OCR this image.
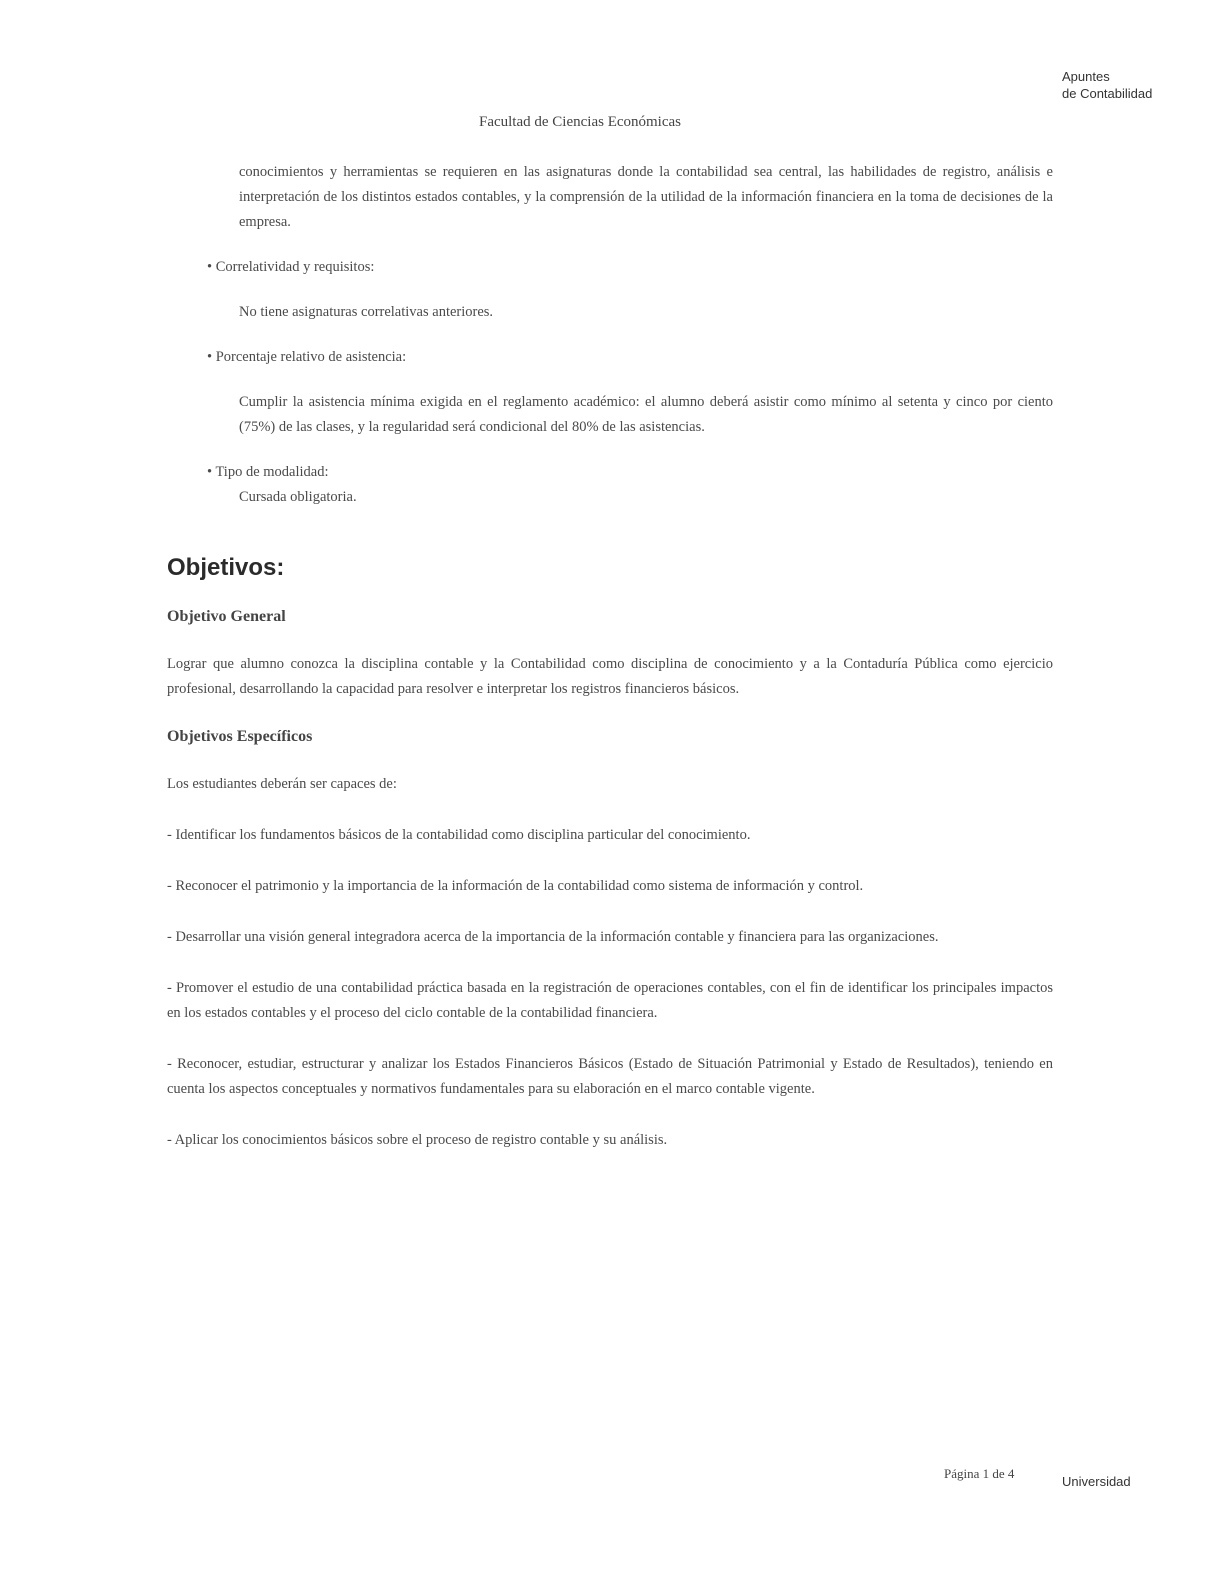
Apuntes
de Contabilidad
Facultad de Ciencias Económicas

conocimientos y herramientas se requieren en las asignaturas donde la contabilidad sea central, las habilidades de registro, análisis e interpretación de los distintos estados contables, y la comprensión de la utilidad de la información financiera en la toma de decisiones de la empresa.

• Correlatividad y requisitos:

No tiene asignaturas correlativas anteriores.

• Porcentaje relativo de asistencia:

Cumplir la asistencia mínima exigida en el reglamento académico: el alumno deberá asistir como mínimo al setenta y cinco por ciento (75%) de las clases, y la regularidad será condicional del 80% de las asistencias.

• Tipo de modalidad:

Cursada obligatoria.

Objetivos:
Objetivo General

Lograr que alumno conozca la disciplina contable y la Contabilidad como disciplina de conocimiento y a la Contaduría Pública como ejercicio profesional, desarrollando la capacidad para resolver e interpretar los registros financieros básicos.

Objetivos Específicos

Los estudiantes deberán ser capaces de:

- Identificar los fundamentos básicos de la contabilidad como disciplina particular del conocimiento.

- Reconocer el patrimonio y la importancia de la información de la contabilidad como sistema de información y control.

- Desarrollar una visión general integradora acerca de la importancia de la información contable y financiera para las organizaciones.

- Promover el estudio de una contabilidad práctica basada en la registración de operaciones contables, con el fin de identificar los principales impactos en los estados contables y el proceso del ciclo contable de la contabilidad financiera.

- Reconocer, estudiar, estructurar y analizar los Estados Financieros Básicos (Estado de Situación Patrimonial y Estado de Resultados), teniendo en cuenta los aspectos conceptuales y normativos fundamentales para su elaboración en el marco contable vigente.

- Aplicar los conocimientos básicos sobre el proceso de registro contable y su análisis.

Página 1 de 4
Universidad
